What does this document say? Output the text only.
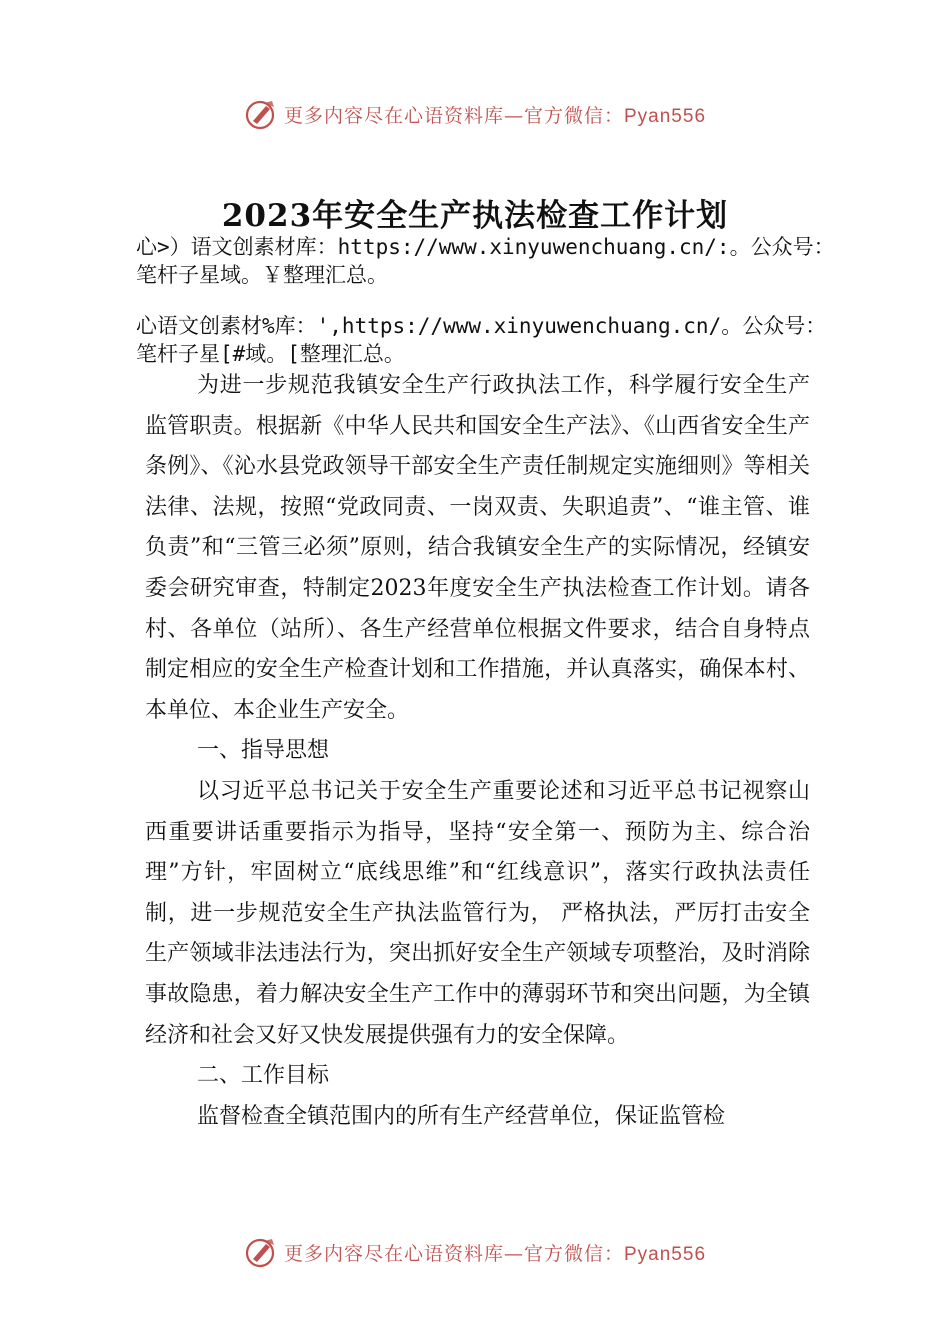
更多内容尽在心语资料库—官方微信：Pyan556
2023年安全生产执法检查工作计划

心>）语文创素材库：https://www.xinyuwenchuang.cn/:。公众号：笔杆子星域。￥整理汇总。

心语文创素材%库：',https://www.xinyuwenchuang.cn/。公众号：笔杆子星[#域。[整理汇总。

为进一步规范我镇安全生产行政执法工作，科学履行安全生产监管职责。根据新《中华人民共和国安全生产法》、《山西省安全生产条例》、《沁水县党政领导干部安全生产责任制规定实施细则》等相关法律、法规，按照“党政同责、一岗双责、失职追责”、“谁主管、谁负责”和“三管三必须”原则，结合我镇安全生产的实际情况，经镇安委会研究审查，特制定2023年度安全生产执法检查工作计划。请各村、各单位（站所）、各生产经营单位根据文件要求，结合自身特点制定相应的安全生产检查计划和工作措施，并认真落实，确保本村、 本单位、本企业生产安全。

一、指导思想

以习近平总书记关于安全生产重要论述和习近平总书记视察山西重要讲话重要指示为指导，坚持“安全第一、预防为主、综合治理”方针，牢固树立“底线思维”和“红线意识”，落实行政执法责任制，进一步规范安全生产执法监管行为， 严格执法，严厉打击安全生产领域非法违法行为，突出抓好安全生产领域专项整治，及时消除事故隐患，着力解决安全生产工作中的薄弱环节和突出问题，为全镇经济和社会又好又快发展提供强有力的安全保障。

二、工作目标

监督检查全镇范围内的所有生产经营单位，保证监管检

更多内容尽在心语资料库—官方微信：Pyan556
